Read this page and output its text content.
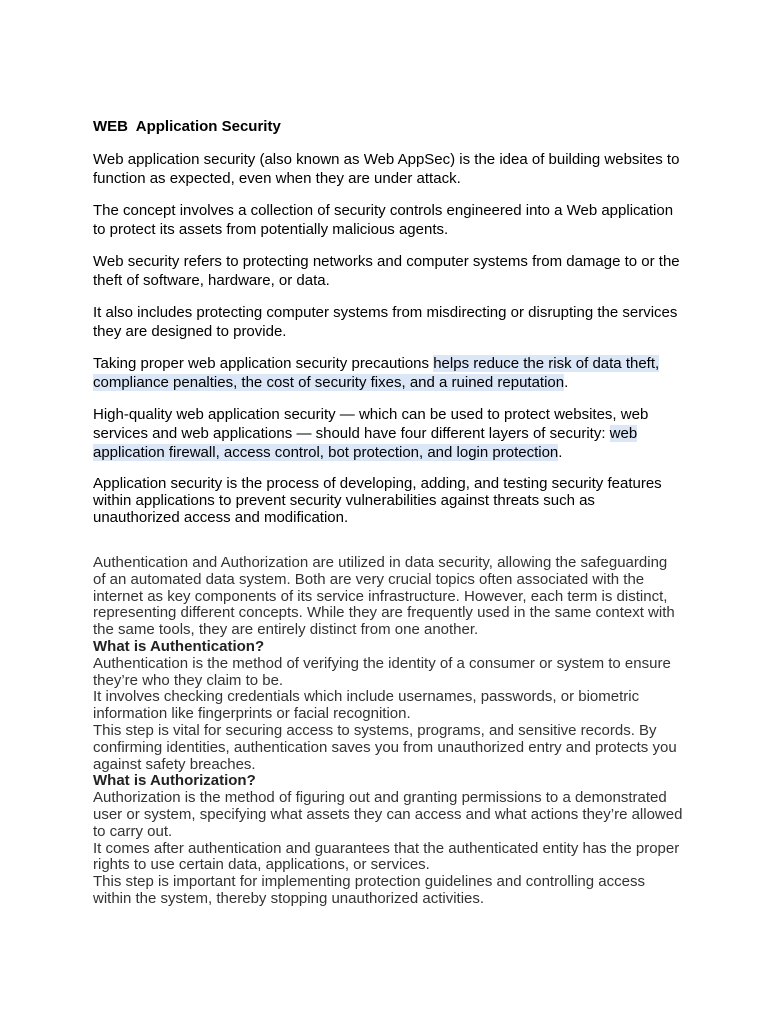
WEB  Application Security

Web application security (also known as Web AppSec) is the idea of building websites to function as expected, even when they are under attack.

The concept involves a collection of security controls engineered into a Web application to protect its assets from potentially malicious agents.

Web security refers to protecting networks and computer systems from damage to or the theft of software, hardware, or data.

It also includes protecting computer systems from misdirecting or disrupting the services they are designed to provide.

Taking proper web application security precautions helps reduce the risk of data theft, compliance penalties, the cost of security fixes, and a ruined reputation.

High-quality web application security — which can be used to protect websites, web services and web applications — should have four different layers of security: web application firewall, access control, bot protection, and login protection.

Application security is the process of developing, adding, and testing security features within applications to prevent security vulnerabilities against threats such as unauthorized access and modification.

Authentication and Authorization are utilized in data security, allowing the safeguarding of an automated data system. Both are very crucial topics often associated with the internet as key components of its service infrastructure. However, each term is distinct, representing different concepts. While they are frequently used in the same context with the same tools, they are entirely distinct from one another.

What is Authentication?

Authentication is the method of verifying the identity of a consumer or system to ensure they’re who they claim to be.

It involves checking credentials which include usernames, passwords, or biometric information like fingerprints or facial recognition.

This step is vital for securing access to systems, programs, and sensitive records. By confirming identities, authentication saves you from unauthorized entry and protects you against safety breaches.

What is Authorization?

Authorization is the method of figuring out and granting permissions to a demonstrated user or system, specifying what assets they can access and what actions they’re allowed to carry out.

It comes after authentication and guarantees that the authenticated entity has the proper rights to use certain data, applications, or services.

This step is important for implementing protection guidelines and controlling access within the system, thereby stopping unauthorized activities.
